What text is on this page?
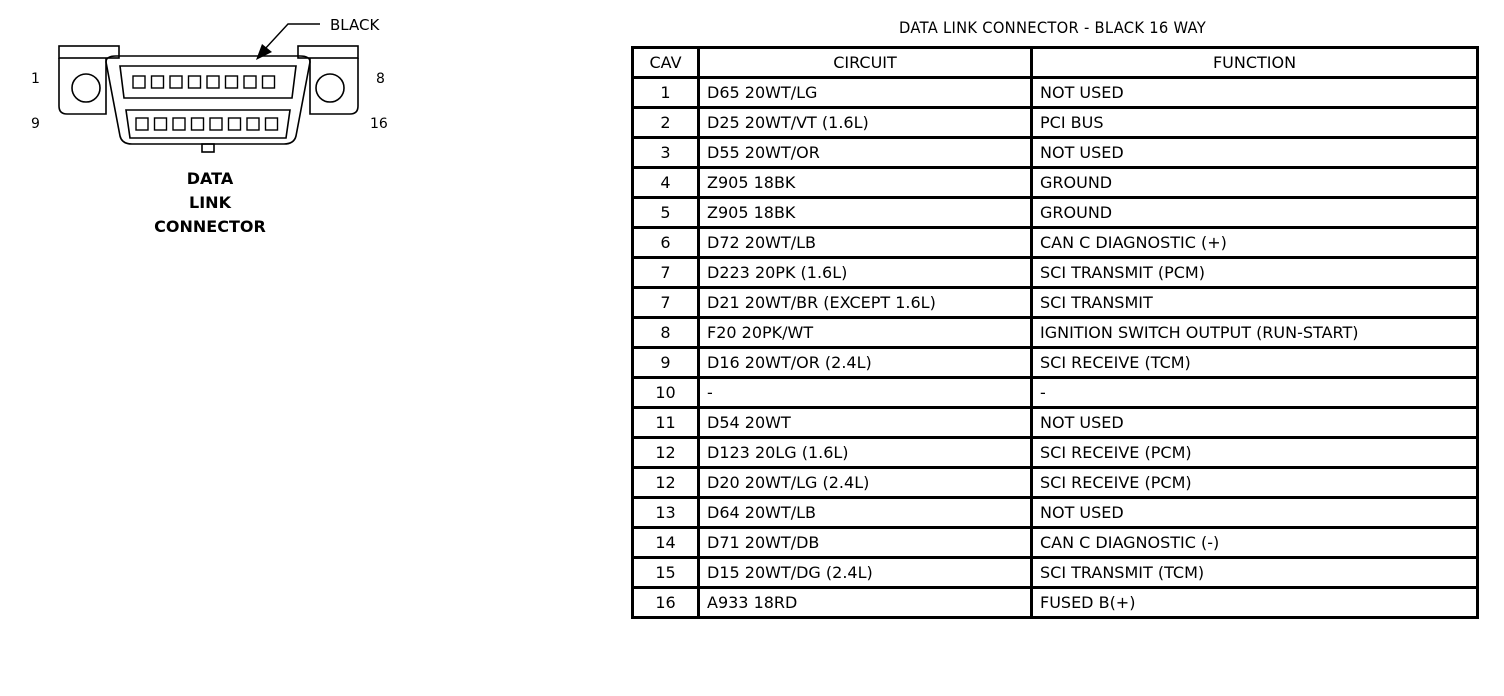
BLACK
1	8
9	16
DATA
LINK
CONNECTOR
DATA LINK CONNECTOR - BLACK 16 WAY
CAV	CIRCUIT	FUNCTION
1	D65 20WT/LG	NOT USED
2	D25 20WT/VT (1.6L)	PCI BUS
3	D55 20WT/OR	NOT USED
4	Z905 18BK	GROUND
5	Z905 18BK	GROUND
6	D72 20WT/LB	CAN C DIAGNOSTIC (+)
7	D223 20PK (1.6L)	SCI TRANSMIT (PCM)
7	D21 20WT/BR (EXCEPT 1.6L)	SCI TRANSMIT
8	F20 20PK/WT	IGNITION SWITCH OUTPUT (RUN-START)
9	D16 20WT/OR (2.4L)	SCI RECEIVE (TCM)
10	-	-
11	D54 20WT	NOT USED
12	D123 20LG (1.6L)	SCI RECEIVE (PCM)
12	D20 20WT/LG (2.4L)	SCI RECEIVE (PCM)
13	D64 20WT/LB	NOT USED
14	D71 20WT/DB	CAN C DIAGNOSTIC (-)
15	D15 20WT/DG (2.4L)	SCI TRANSMIT (TCM)
16	A933 18RD	FUSED B(+)
